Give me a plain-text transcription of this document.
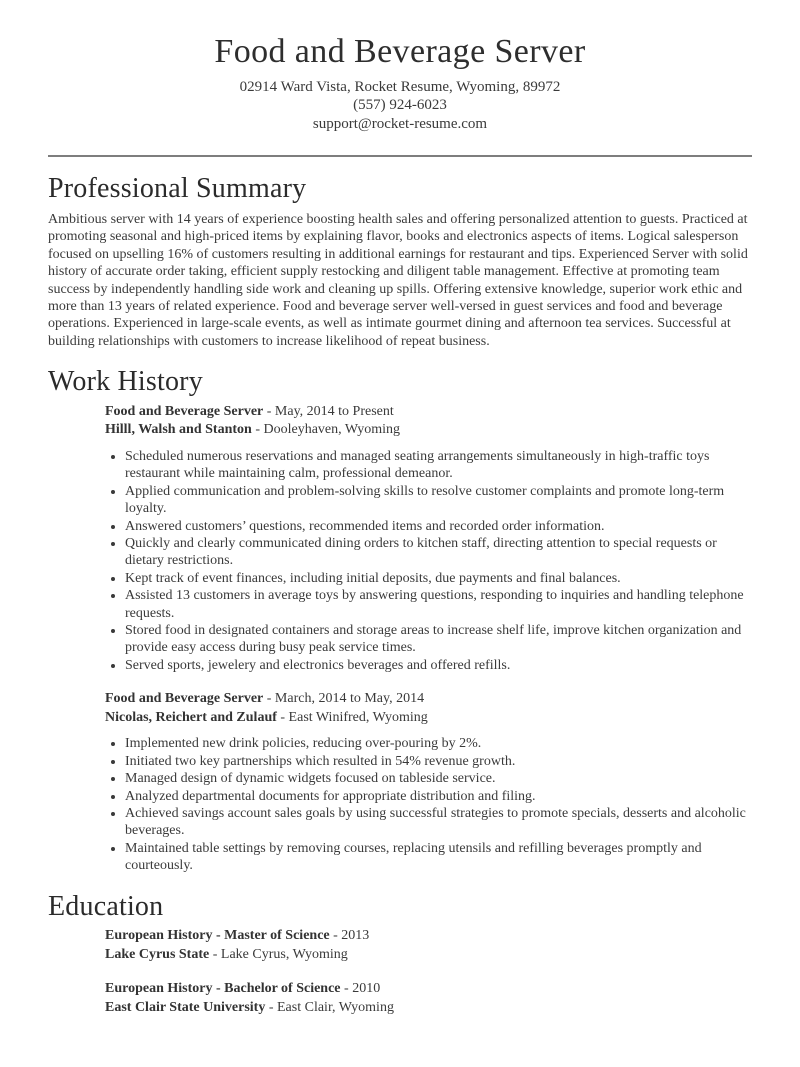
Food and Beverage Server
02914 Ward Vista, Rocket Resume, Wyoming, 89972
(557) 924-6023
support@rocket-resume.com
Professional Summary

Ambitious server with 14 years of experience boosting health sales and offering personalized attention to guests. Practiced at promoting seasonal and high-priced items by explaining flavor, books and electronics aspects of items. Logical salesperson focused on upselling 16% of customers resulting in additional earnings for restaurant and tips. Experienced Server with solid history of accurate order taking, efficient supply restocking and diligent table management. Effective at promoting team success by independently handling side work and cleaning up spills. Offering extensive knowledge, superior work ethic and more than 13 years of related experience. Food and beverage server well-versed in guest services and food and beverage operations. Experienced in large-scale events, as well as intimate gourmet dining and afternoon tea services. Successful at building relationships with customers to increase likelihood of repeat business.

Work History
Food and Beverage Server - May, 2014 to Present
Hilll, Walsh and Stanton - Dooleyhaven, Wyoming
• Scheduled numerous reservations and managed seating arrangements simultaneously in high-traffic toys restaurant while maintaining calm, professional demeanor.
• Applied communication and problem-solving skills to resolve customer complaints and promote long-term loyalty.
• Answered customers’ questions, recommended items and recorded order information.
• Quickly and clearly communicated dining orders to kitchen staff, directing attention to special requests or dietary restrictions.
• Kept track of event finances, including initial deposits, due payments and final balances.
• Assisted 13 customers in average toys by answering questions, responding to inquiries and handling telephone requests.
• Stored food in designated containers and storage areas to increase shelf life, improve kitchen organization and provide easy access during busy peak service times.
• Served sports, jewelery and electronics beverages and offered refills.
Food and Beverage Server - March, 2014 to May, 2014
Nicolas, Reichert and Zulauf - East Winifred, Wyoming
• Implemented new drink policies, reducing over-pouring by 2%.
• Initiated two key partnerships which resulted in 54% revenue growth.
• Managed design of dynamic widgets focused on tableside service.
• Analyzed departmental documents for appropriate distribution and filing.
• Achieved savings account sales goals by using successful strategies to promote specials, desserts and alcoholic beverages.
• Maintained table settings by removing courses, replacing utensils and refilling beverages promptly and courteously.
Education
European History - Master of Science - 2013
Lake Cyrus State - Lake Cyrus, Wyoming
European History - Bachelor of Science - 2010
East Clair State University - East Clair, Wyoming
